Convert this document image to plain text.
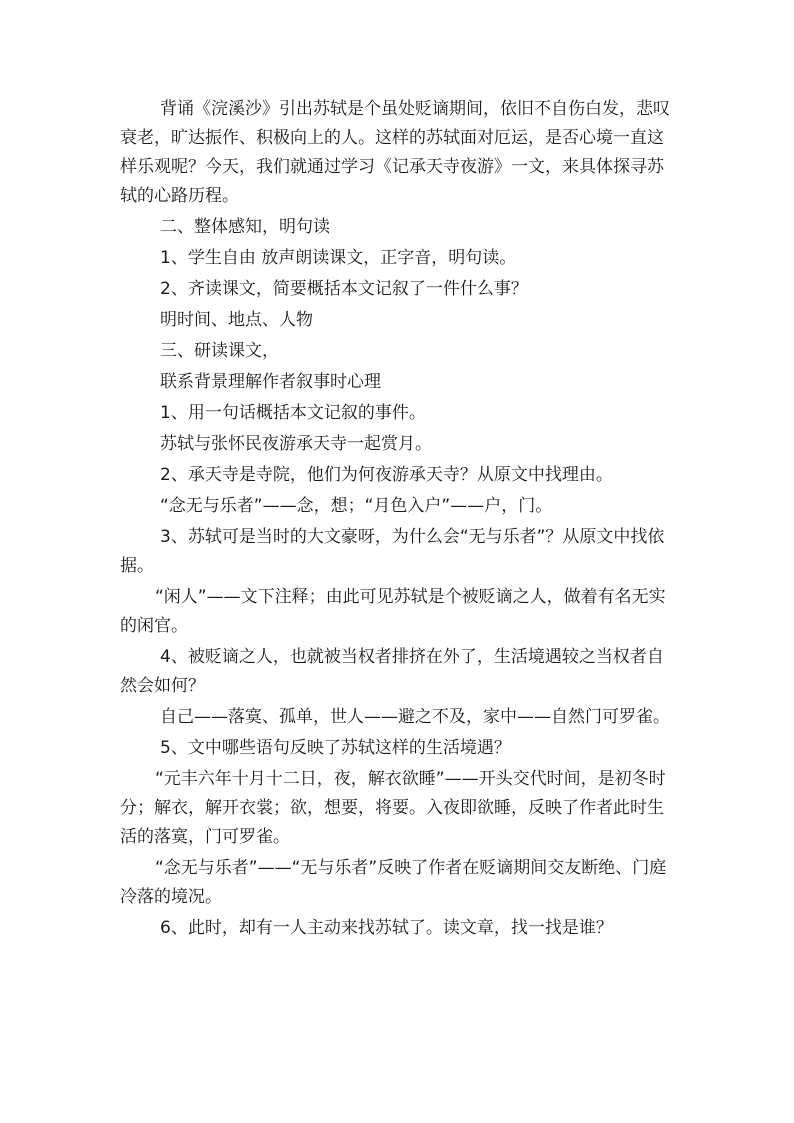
背诵《浣溪沙》引出苏轼是个虽处贬谪期间，依旧不自伤白发，悲叹衰老，旷达振作、积极向上的人。这样的苏轼面对厄运，是否心境一直这样乐观呢？今天，我们就通过学习《记承天寺夜游》一文，来具体探寻苏轼的心路历程。

二、整体感知，明句读

1、学生自由 放声朗读课文，正字音，明句读。

2、齐读课文，简要概括本文记叙了一件什么事？

明时间、地点、人物

三、研读课文，

联系背景理解作者叙事时心理

1、用一句话概括本文记叙的事件。

苏轼与张怀民夜游承天寺一起赏月。

2、承天寺是寺院，他们为何夜游承天寺？从原文中找理由。

“念无与乐者”——念，想；“月色入户”——户，门。

3、苏轼可是当时的大文豪呀，为什么会“无与乐者”？从原文中找依据。

“闲人”——文下注释；由此可见苏轼是个被贬谪之人，做着有名无实的闲官。

4、被贬谪之人，也就被当权者排挤在外了，生活境遇较之当权者自然会如何？

自己——落寞、孤单，世人——避之不及，家中——自然门可罗雀。

5、文中哪些语句反映了苏轼这样的生活境遇？

“元丰六年十月十二日，夜，解衣欲睡”——开头交代时间，是初冬时分；解衣，解开衣裳；欲，想要，将要。入夜即欲睡，反映了作者此时生活的落寞，门可罗雀。

“念无与乐者”——“无与乐者”反映了作者在贬谪期间交友断绝、门庭冷落的境况。

6、此时，却有一人主动来找苏轼了。读文章，找一找是谁？
